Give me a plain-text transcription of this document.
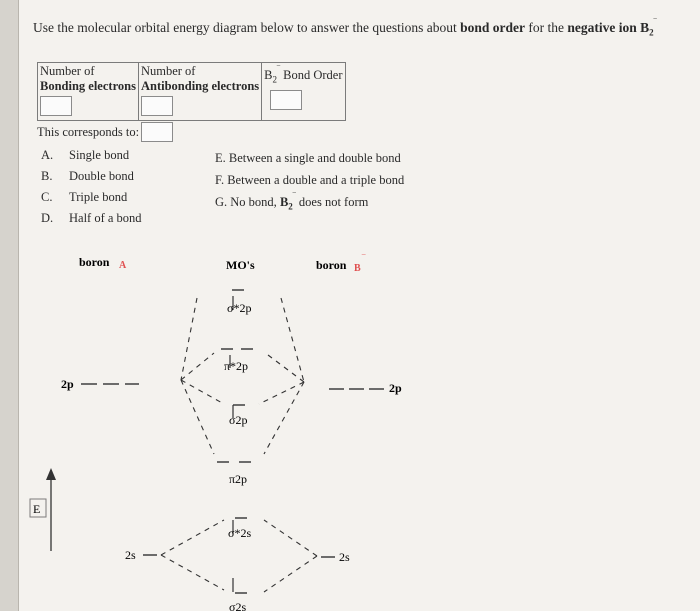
Use the molecular orbital energy diagram below to answer the questions about bond order for the negative ion $B_2^‾$
Number of
Bonding electrons
	Number of
Antibonding electrons
	$B_2^‾$ Bond Order
This corresponds to:
A. Single bond
B. Double bond
C. Triple bond
D. Half of a bond
E. Between a single and double bond
F. Between a double and a triple bond
G. No bond, $B_2^‾$ does not form
boron A	MO's	boron B
‾
σ*2p
π*2p
σ2p
π2p
σ*2s
σ2s
2p	2p
2s	2s
E
